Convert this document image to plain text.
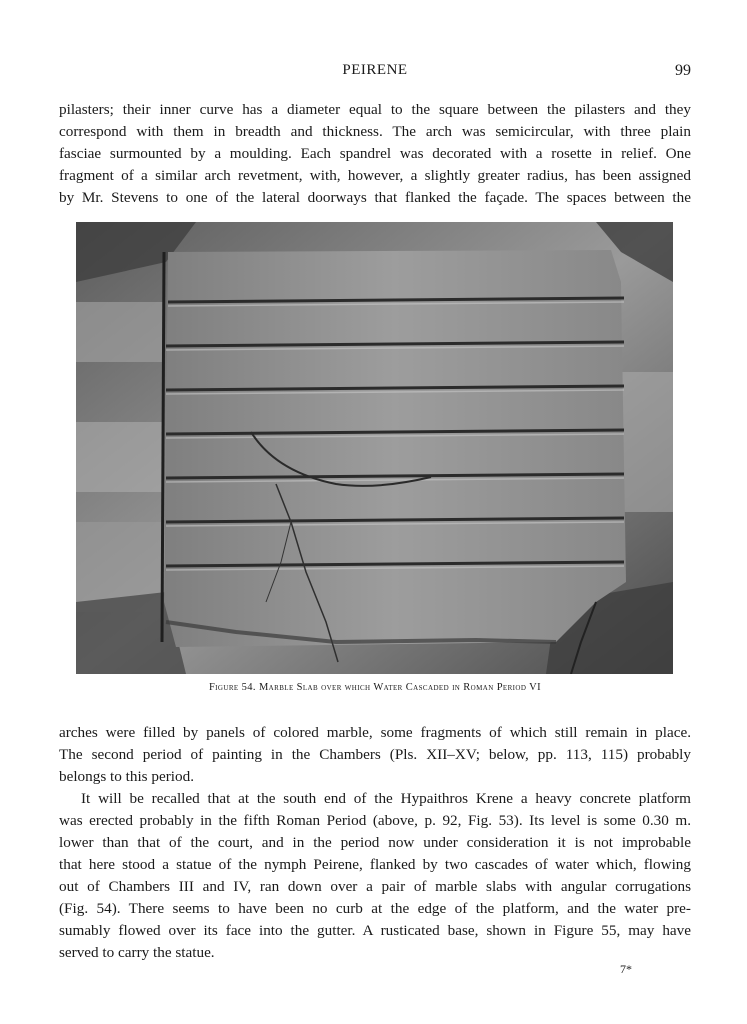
PEIRENE	99
pilasters; their inner curve has a diameter equal to the square between the pilasters and they
correspond with them in breadth and thickness. The arch was semicircular, with three plain
fasciae surmounted by a moulding. Each spandrel was decorated with a rosette in relief. One
fragment of a similar arch revetment, with, however, a slightly greater radius, has been assigned
by Mr. Stevens to one of the lateral doorways that flanked the façade. The spaces between the
Figure 54. Marble Slab over which Water Cascaded in Roman Period VI
arches were filled by panels of colored marble, some fragments of which still remain in place.
The second period of painting in the Chambers (Pls. XII–XV; below, pp. 113, 115) probably
belongs to this period.
It will be recalled that at the south end of the Hypaithros Krene a heavy concrete platform
was erected probably in the fifth Roman Period (above, p. 92, Fig. 53). Its level is some 0.30 m.
lower than that of the court, and in the period now under consideration it is not improbable
that here stood a statue of the nymph Peirene, flanked by two cascades of water which, flowing
out of Chambers III and IV, ran down over a pair of marble slabs with angular corrugations
(Fig. 54). There seems to have been no curb at the edge of the platform, and the water pre-
sumably flowed over its face into the gutter. A rusticated base, shown in Figure 55, may have
served to carry the statue.
7*
